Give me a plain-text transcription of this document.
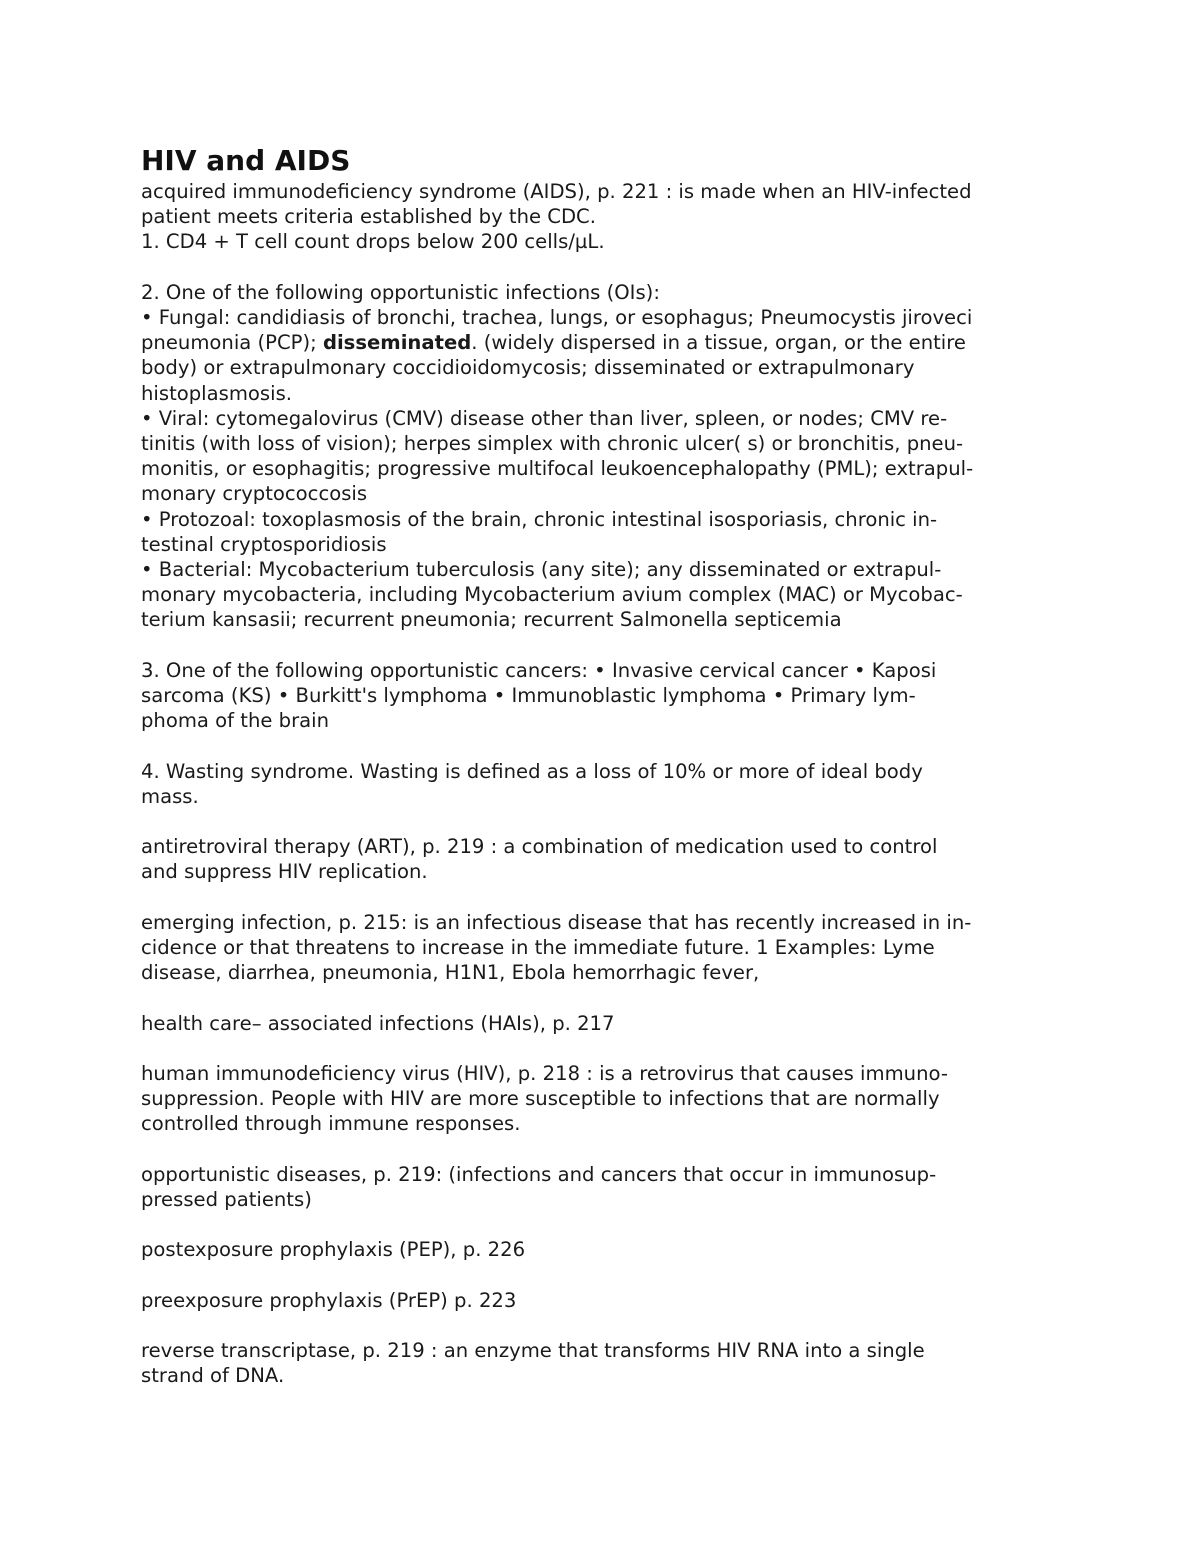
HIV and AIDS

acquired immunodeficiency syndrome (AIDS), p. 221 : is made when an HIV-infected

patient meets criteria established by the CDC.

1. CD4 + T cell count drops below 200 cells/µL.

2. One of the following opportunistic infections (OIs):

• Fungal: candidiasis of bronchi, trachea, lungs, or esophagus; Pneumocystis jiroveci

pneumonia (PCP); disseminated. (widely dispersed in a tissue, organ, or the entire

body) or extrapulmonary coccidioidomycosis; disseminated or extrapulmonary

histoplasmosis.

• Viral: cytomegalovirus (CMV) disease other than liver, spleen, or nodes; CMV re-

tinitis (with loss of vision); herpes simplex with chronic ulcer( s) or bronchitis, pneu-

monitis, or esophagitis; progressive multifocal leukoencephalopathy (PML); extrapul-

monary cryptococcosis

• Protozoal: toxoplasmosis of the brain, chronic intestinal isosporiasis, chronic in-

testinal cryptosporidiosis

• Bacterial: Mycobacterium tuberculosis (any site); any disseminated or extrapul-

monary mycobacteria, including Mycobacterium avium complex (MAC) or Mycobac-

terium kansasii; recurrent pneumonia; recurrent Salmonella septicemia

3. One of the following opportunistic cancers: • Invasive cervical cancer • Kaposi

sarcoma (KS) • Burkitt's lymphoma • Immunoblastic lymphoma • Primary lym-

phoma of the brain

4. Wasting syndrome. Wasting is defined as a loss of 10% or more of ideal body

mass.

antiretroviral therapy (ART), p. 219 : a combination of medication used to control

and suppress HIV replication.

emerging infection, p. 215: is an infectious disease that has recently increased in in-

cidence or that threatens to increase in the immediate future. 1 Examples: Lyme

disease, diarrhea, pneumonia, H1N1, Ebola hemorrhagic fever,

health care– associated infections (HAIs), p. 217

human immunodeficiency virus (HIV), p. 218 : is a retrovirus that causes immuno-

suppression. People with HIV are more susceptible to infections that are normally

controlled through immune responses.

opportunistic diseases, p. 219: (infections and cancers that occur in immunosup-

pressed patients)

postexposure prophylaxis (PEP), p. 226

preexposure prophylaxis (PrEP) p. 223

reverse transcriptase, p. 219 : an enzyme that transforms HIV RNA into a single

strand of DNA.
